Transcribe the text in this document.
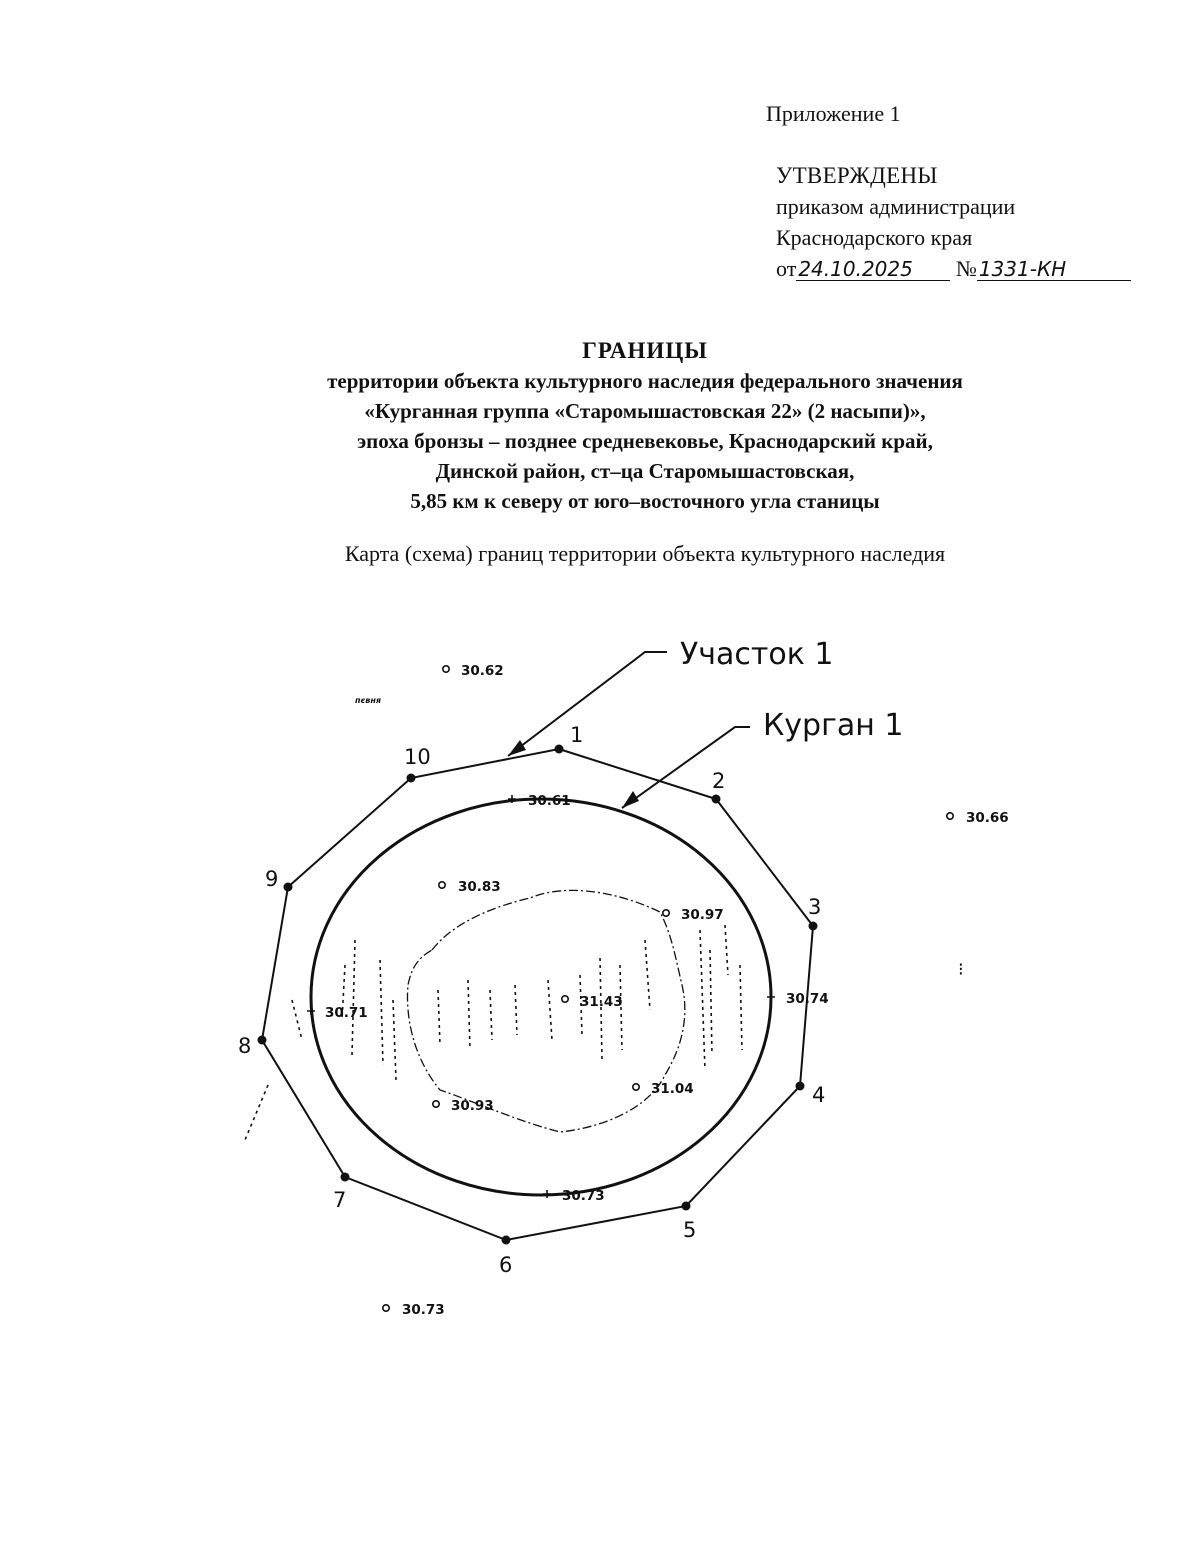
Приложение 1
УТВЕРЖДЕНЫ
приказом администрации
Краснодарского края
от 24.10.2025 № 1331-КН
ГРАНИЦЫ
территории объекта культурного наследия федерального значения
«Курганная группа «Старомышастовская 22» (2 насыпи)»,
эпоха бронзы – позднее средневековье, Краснодарский край,
Динской район, ст–ца Старомышастовская,
5,85 км к северу от юго–восточного угла станицы
Карта (схема) границ территории объекта культурного наследия
Участок 1
Курган 1
пєвня
1
2
3
4
5
6
7
8
9
10
30.62
30.66
30.61
30.83
30.97
31.43	30.74
30.71
31.04
30.93
30.73
30.73
⁝
